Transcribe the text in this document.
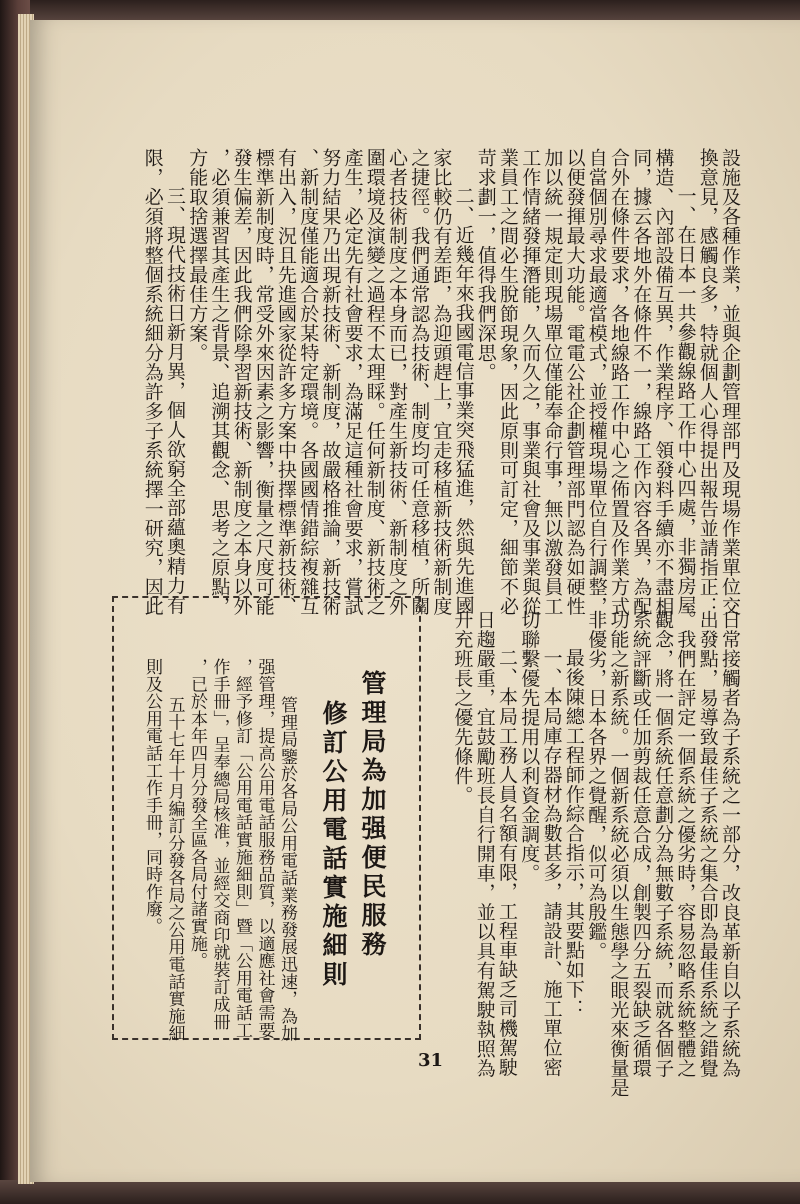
設施及各種作業，並與企劃管理部門及現場作業單位交
換意見，感觸良多，特就個人心得提出報告並請指正：
一、在日本一共參觀線路工作中心四處，非獨房屋
構造、內部設備互異，作業程序、領發料手續亦不盡相
同，據云各地外在條件不一，線路工作內容各異，為配
合外在條件要求，各地線路工作中心之佈置及作業方式
自當個別尋求最適當模式，並授權現場單位自行調整，
以便發揮最大功能。電電公社企劃管理部門認為如硬性
加以統一規定則現場單位僅能奉命行事，無以激發員工
工作情緒發揮潛能，久而久之，事業與社會及事業與從
業員工之間必生脫節現象，因此原則可訂定，細節不必
苛求劃一，值得我們深思。
二、近幾年來我國電信事業突飛猛進，然與先進國
家比較仍有差距，為迎頭趕上，宜走移植新技術新制度
之捷徑。我們通常認為技術、制度均可任意移植，所關
心者技術制度之本身而已，對產生新技術、新制度之外
圍環境及演變之過程不太理睬。任何新制度、新技術之
產生，必定先有社會要求，為滿足這種社會要求，嘗試
努力結果乃出現新技術、新制度，故嚴格推論，新技術
、新制度僅能適合於某特定環境。各國國情錯綜複雜互
有出入，況且先進國家從許多方案中抉擇標準新技術、
標準新制度時，常受外來因素之影響，衡量之尺度可能
發生偏差，因此我們除學習新技術、新制度之本身以外
，必須兼習其產生之背景、追溯其觀念、思考之原點，
方能取捨選擇最佳方案。
三、現代技術日新月異，個人欲窮全部蘊奧精力有
限，必須將整個系統細分為許多子系統擇一研究，因此
日常接觸者為子系統之一部分，改良革新自以子系統為
出發點，易導致最佳子系統之集合即為最佳系統之錯覺
。我們在評定一個系統之優劣時，容易忽略系統整體之
觀念，將一個系統任意劃分為無數子系統，而就各個子
系統評斷或任加剪裁任意合成，創製四分五裂缺乏循環
功能之新系統。一個新系統必須以生態學之眼光來衡量是
非優劣，日本各界之覺醒，似可為殷鑑。
最後陳總工程師作綜合指示，其要點如下：
一、本局庫存器材為數甚多，請設計、施工單位密
切聯繫優先提用以利資金調度。
二、本局工務人員名額有限，工程車缺乏司機駕駛
日趨嚴重，宜鼓勵班長自行開車，並以具有駕駛執照為
升充班長之優先條件。
管理局為加强便民服務
修訂公用電話實施細則
管理局鑒於各局公用電話業務發展迅速，為加
强管理，提高公用電話服務品質，以適應社會需要
，經予修訂「公用電話實施細則」暨「公用電話工
作手冊」，呈奉總局核准，並經交商印就裝訂成冊
，已於本年四月分發全區各局付諸實施。
五十七年十月編訂分發各局之公用電話實施細
則及公用電話工作手冊，同時作廢。
31
